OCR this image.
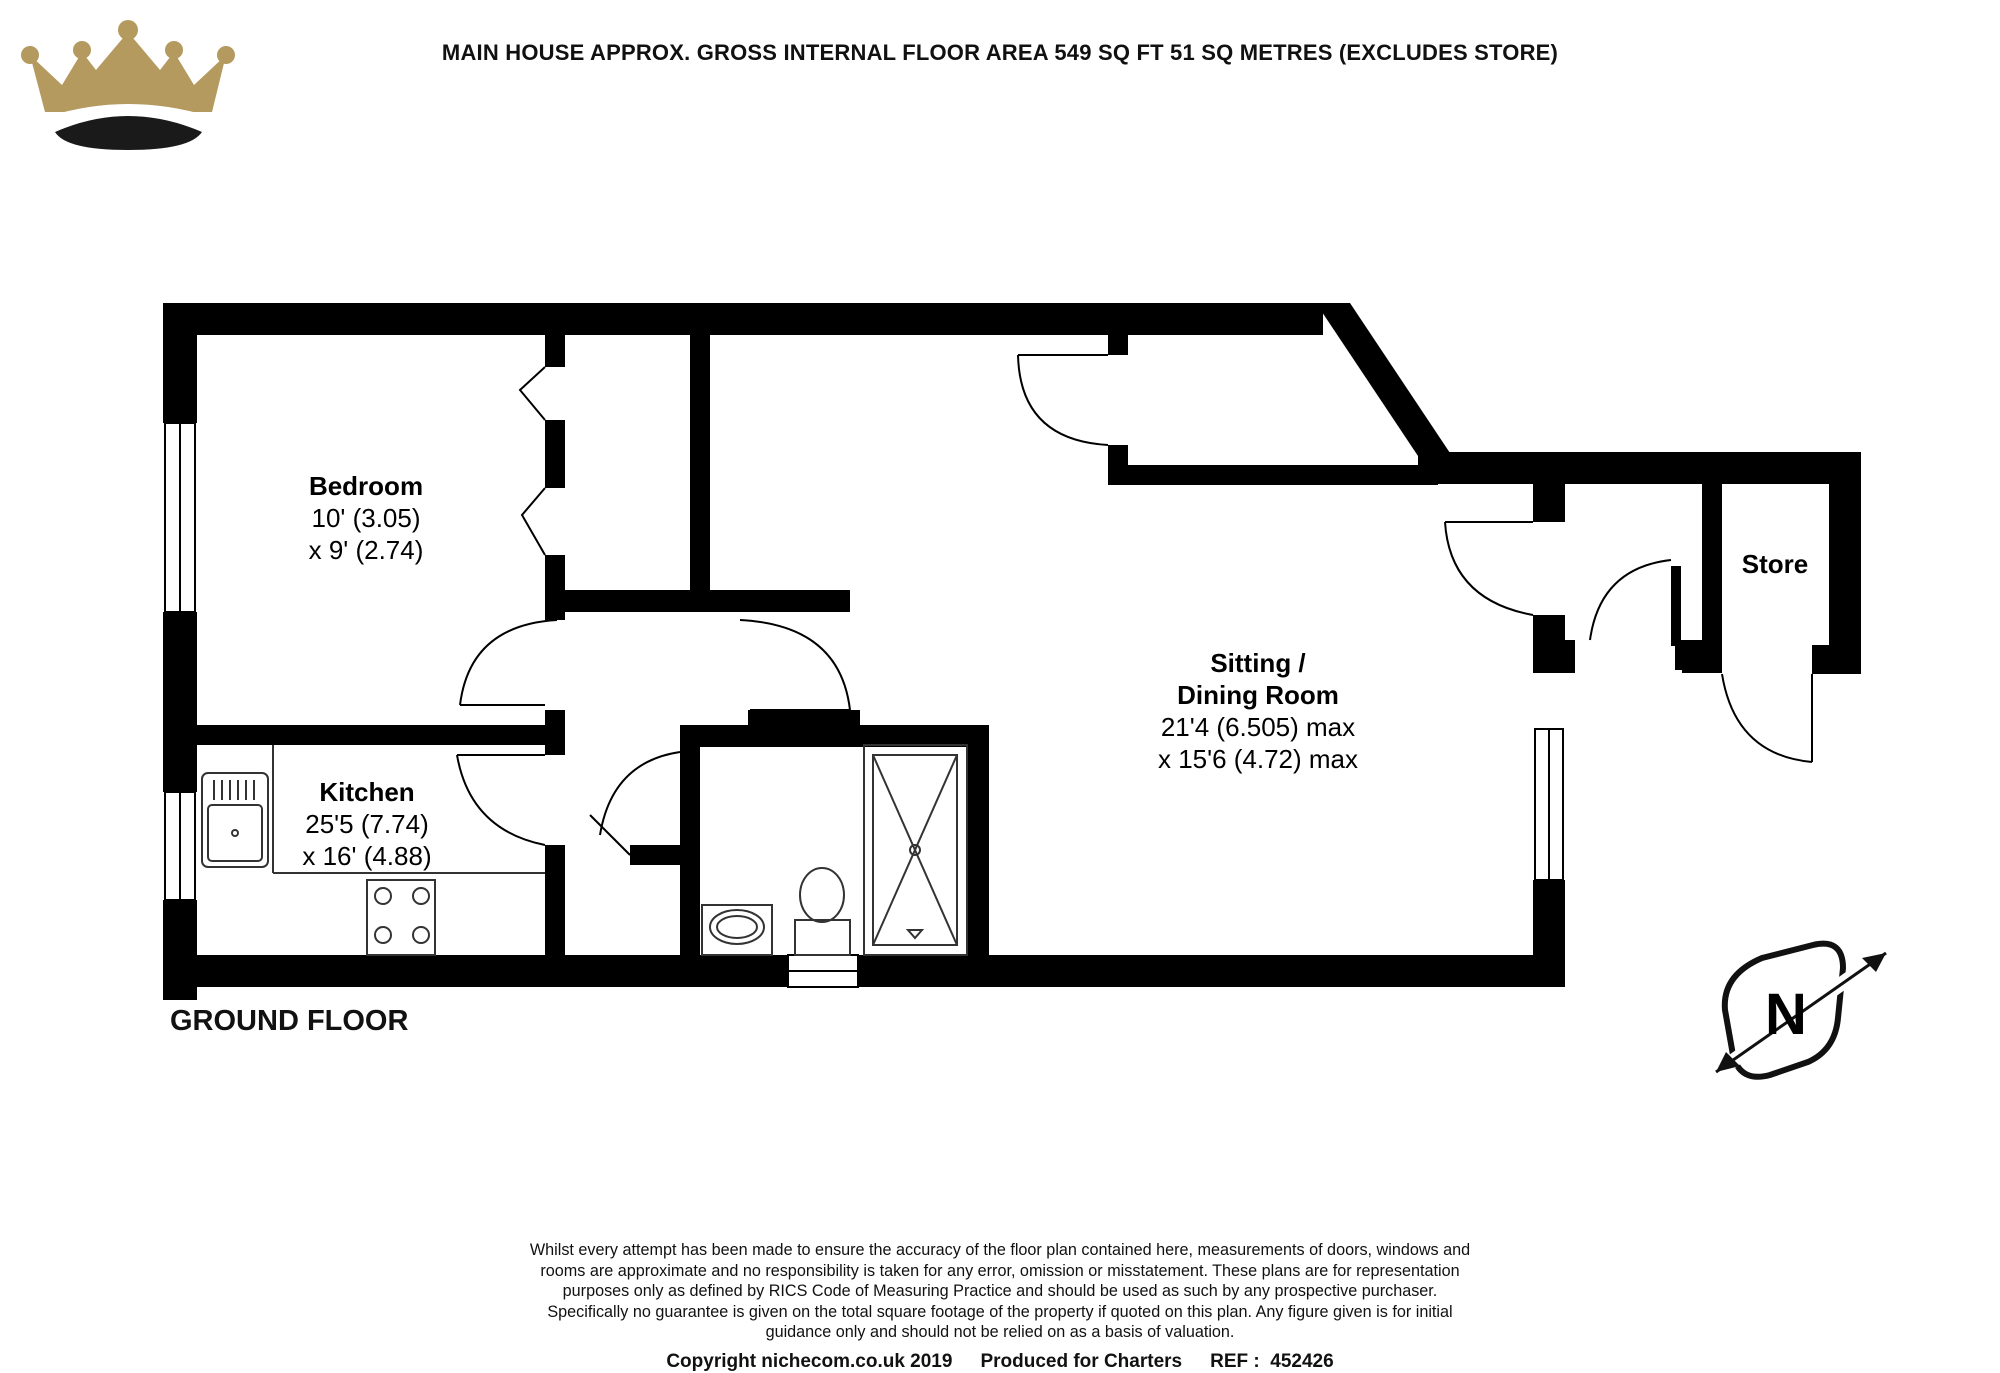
MAIN HOUSE APPROX. GROSS INTERNAL FLOOR AREA 549 SQ FT 51 SQ METRES (EXCLUDES STORE)
Bedroom
10' (3.05)
x 9' (2.74)
Kitchen
25'5 (7.74)
x 16' (4.88)
Sitting /
Dining Room
21'4 (6.505) max
x 15'6 (4.72) max
Store
N
GROUND FLOOR
Whilst every attempt has been made to ensure the accuracy of the floor plan contained here, measurements of doors, windows and
rooms are approximate and no responsibility is taken for any error, omission or misstatement. These plans are for representation
purposes only as defined by RICS Code of Measuring Practice and should be used as such by any prospective purchaser.
Specifically no guarantee is given on the total square footage of the property if quoted on this plan. Any figure given is for initial
guidance only and should not be relied on as a basis of valuation.
Copyright nichecom.co.uk 2019 Produced for Charters REF :  452426
